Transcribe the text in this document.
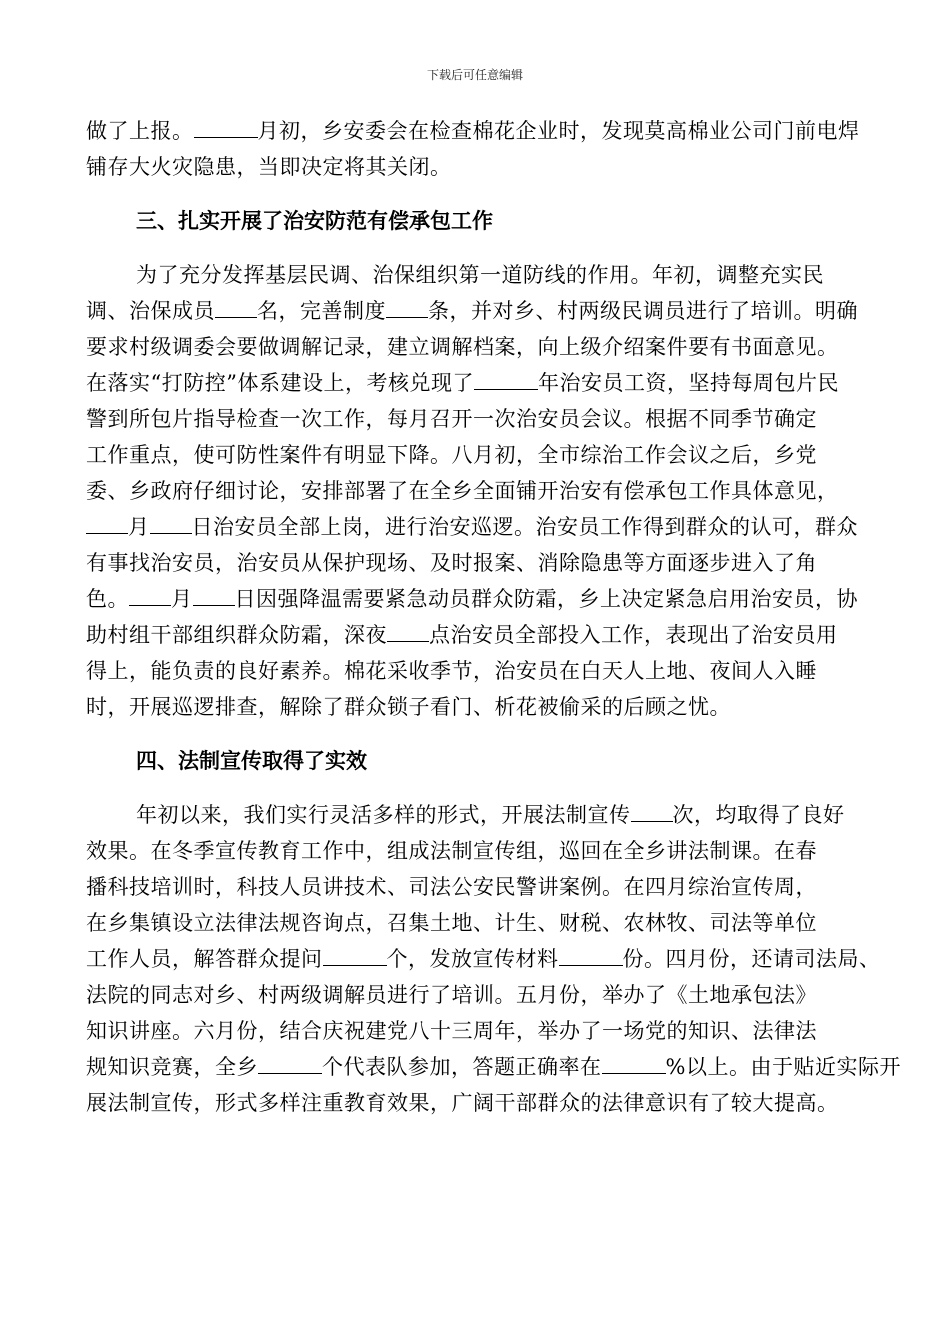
下载后可任意编辑
做了上报。	月初，乡安委会在检查棉花企业时，发现莫高棉业公司门前电焊
铺存大火灾隐患，当即决定将其关闭。
三、扎实开展了治安防范有偿承包工作
为了充分发挥基层民调、治保组织第一道防线的作用。年初，调整充实民
调、治保成员 名，完善制度 条，并对乡、村两级民调员进行了培训。明确
要求村级调委会要做调解记录，建立调解档案，向上级介绍案件要有书面意见。
在落实“打防控”体系建设上，考核兑现了	年治安员工资，坚持每周包片民
警到所包片指导检查一次工作，每月召开一次治安员会议。根据不同季节确定
工作重点，使可防性案件有明显下降。八月初，全市综治工作会议之后，乡党
委、乡政府仔细讨论，安排部署了在全乡全面铺开治安有偿承包工作具体意见，
月 日治安员全部上岗，进行治安巡逻。治安员工作得到群众的认可，群众
有事找治安员，治安员从保护现场、及时报案、消除隐患等方面逐步进入了角
色。 月 日因强降温需要紧急动员群众防霜，乡上决定紧急启用治安员，协
助村组干部组织群众防霜，深夜 点治安员全部投入工作，表现出了治安员用
得上，能负责的良好素养。棉花采收季节，治安员在白天人上地、夜间人入睡
时，开展巡逻排查，解除了群众锁子看门、析花被偷采的后顾之忧。
四、法制宣传取得了实效
年初以来，我们实行灵活多样的形式，开展法制宣传 次，均取得了良好
效果。在冬季宣传教育工作中，组成法制宣传组，巡回在全乡讲法制课。在春
播科技培训时，科技人员讲技术、司法公安民警讲案例。在四月综治宣传周，
在乡集镇设立法律法规咨询点，召集土地、计生、财税、农林牧、司法等单位
工作人员，解答群众提问	个，发放宣传材料	份。四月份，还请司法局、
法院的同志对乡、村两级调解员进行了培训。五月份，举办了《土地承包法》
知识讲座。六月份，结合庆祝建党八十三周年，举办了一场党的知识、法律法
规知识竞赛，全乡	个代表队参加，答题正确率在	%以上。由于贴近实际开
展法制宣传，形式多样注重教育效果，广阔干部群众的法律意识有了较大提高。
